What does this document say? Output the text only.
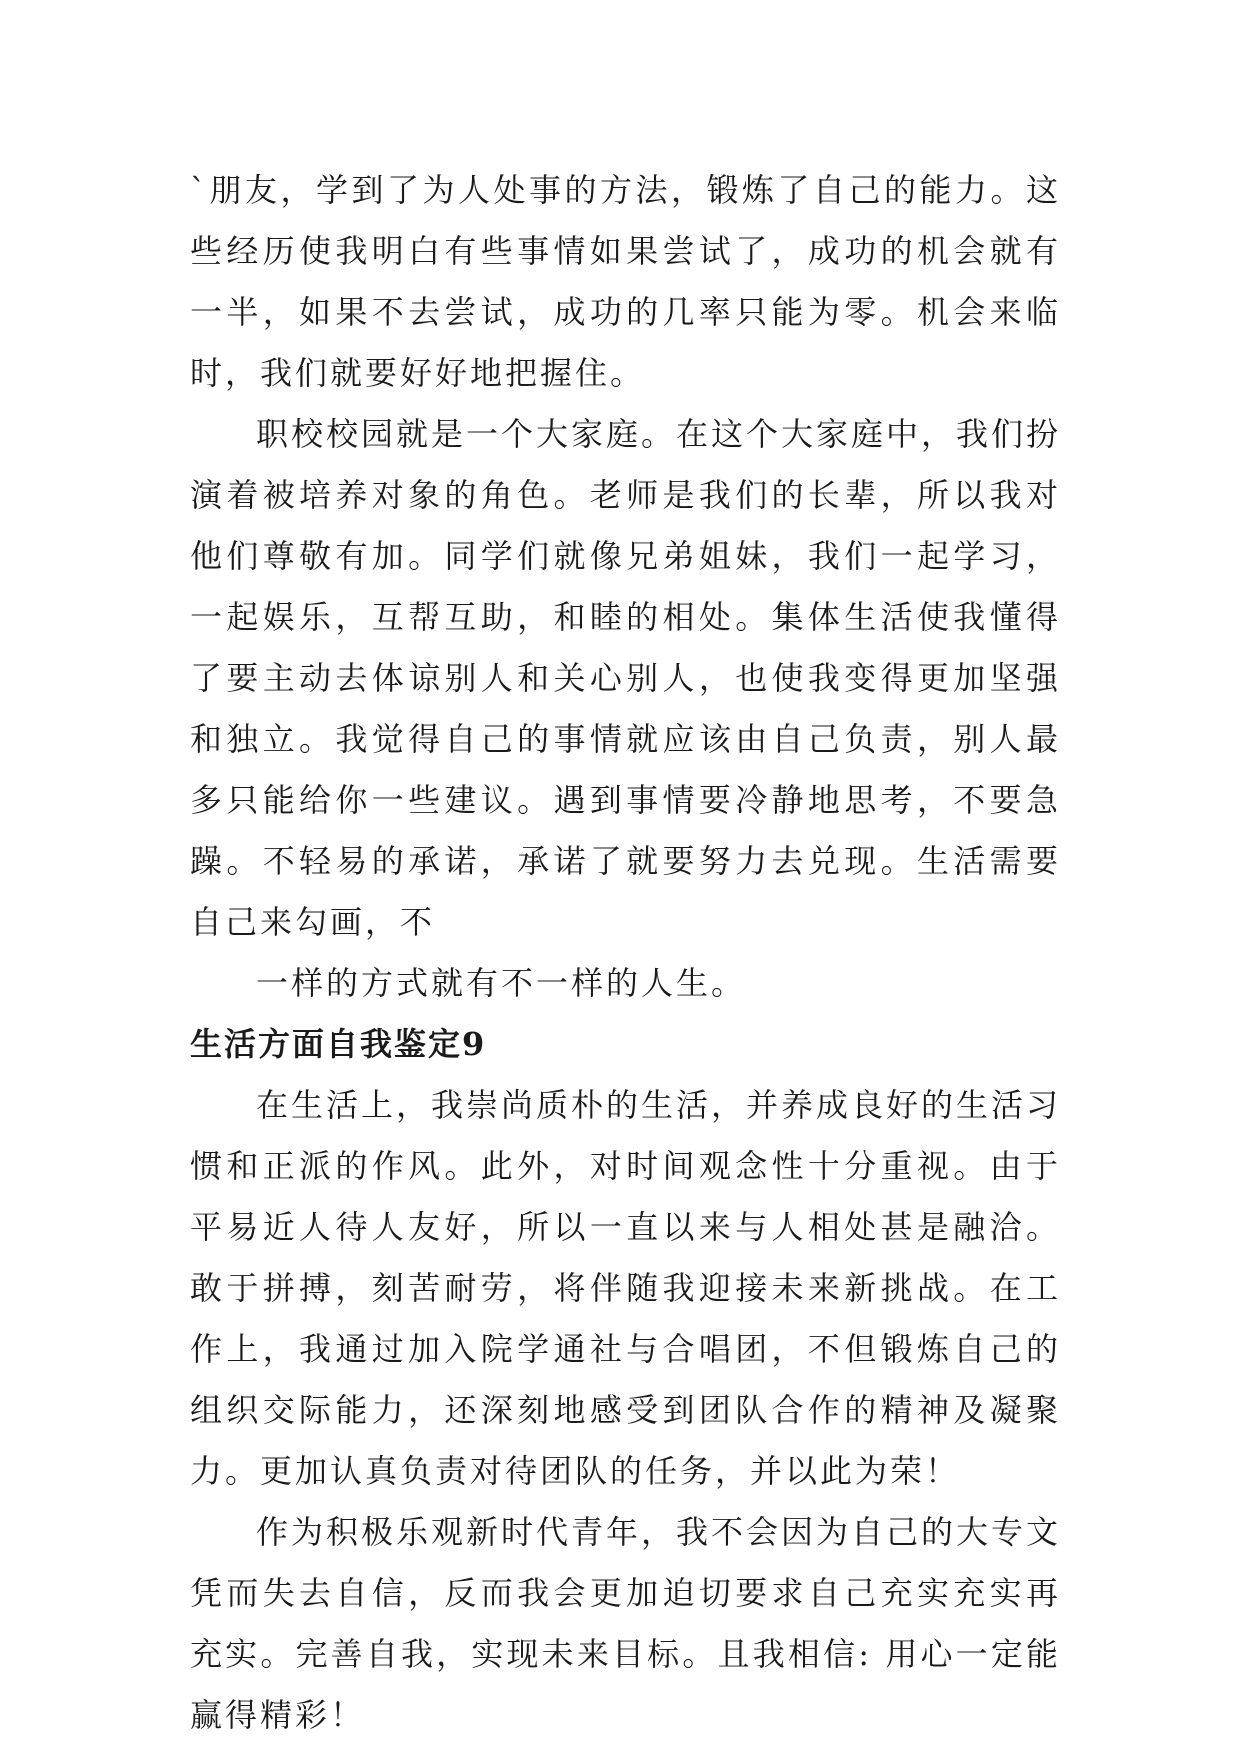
`朋友，学到了为人处事的方法，锻炼了自己的能力。这些经历使我明白有些事情如果尝试了，成功的机会就有一半，如果不去尝试，成功的几率只能为零。机会来临时，我们就要好好地把握住。

职校校园就是一个大家庭。在这个大家庭中，我们扮演着被培养对象的角色。老师是我们的长辈，所以我对他们尊敬有加。同学们就像兄弟姐妹，我们一起学习，一起娱乐，互帮互助，和睦的相处。集体生活使我懂得了要主动去体谅别人和关心别人，也使我变得更加坚强和独立。我觉得自己的事情就应该由自己负责，别人最多只能给你一些建议。遇到事情要冷静地思考，不要急躁。不轻易的承诺，承诺了就要努力去兑现。生活需要自己来勾画，不

一样的方式就有不一样的人生。

生活方面自我鉴定9

在生活上，我崇尚质朴的生活，并养成良好的生活习惯和正派的作风。此外，对时间观念性十分重视。由于平易近人待人友好，所以一直以来与人相处甚是融洽。敢于拼搏，刻苦耐劳，将伴随我迎接未来新挑战。在工作上，我通过加入院学通社与合唱团，不但锻炼自己的组织交际能力，还深刻地感受到团队合作的精神及凝聚力。更加认真负责对待团队的任务，并以此为荣！

作为积极乐观新时代青年，我不会因为自己的大专文凭而失去自信，反而我会更加迫切要求自己充实充实再充实。完善自我，实现未来目标。且我相信: 用心一定能赢得精彩！
